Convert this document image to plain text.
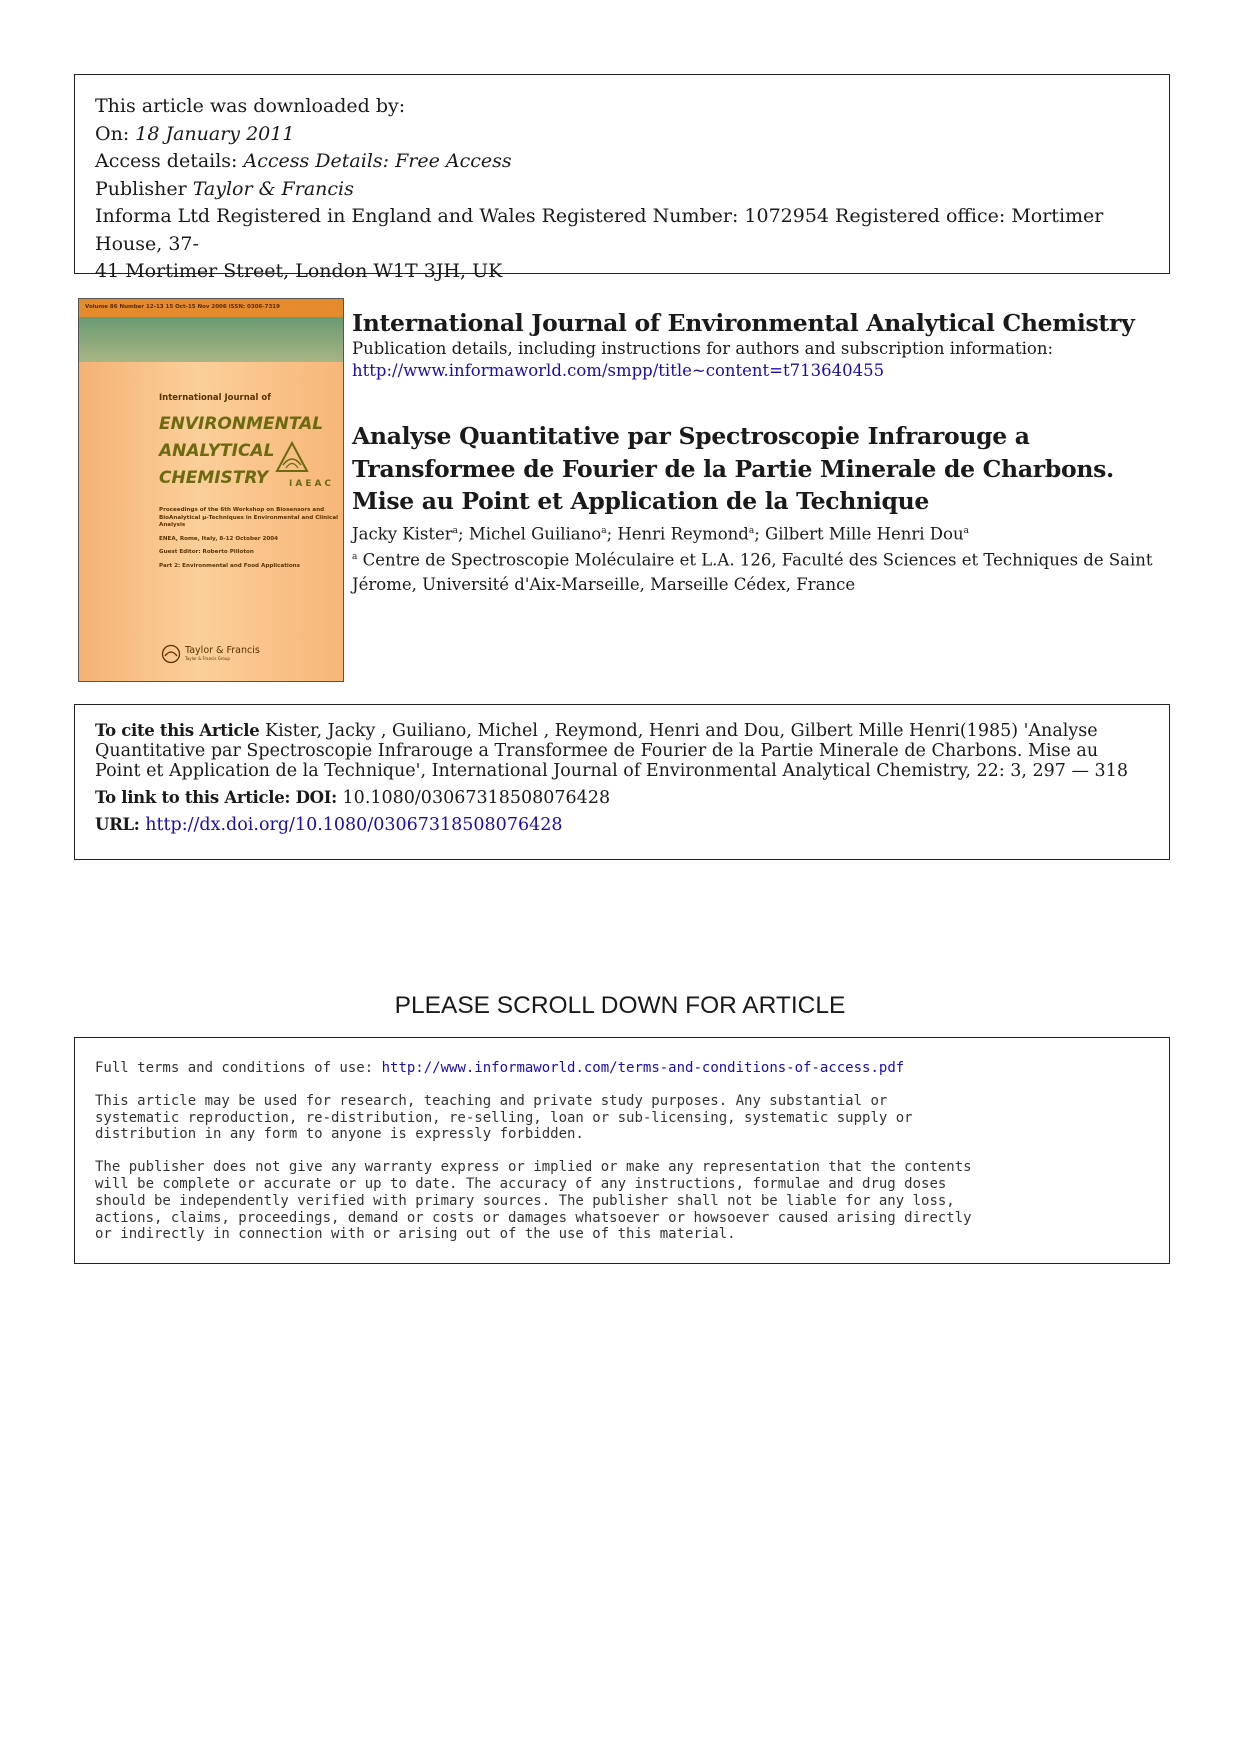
This article was downloaded by:
On: 18 January 2011
Access details: Access Details: Free Access
Publisher Taylor & Francis
Informa Ltd Registered in England and Wales Registered Number: 1072954 Registered office: Mortimer House, 37-
41 Mortimer Street, London W1T 3JH, UK
Volume 86 Number 12-13 15 Oct-15 Nov 2006 ISSN: 0306-7319
International Journal of
ENVIRONMENTAL
ANALYTICAL
CHEMISTRY	IAEAC
Proceedings of the 6th Workshop on Biosensors and BioAnalytical μ-Techniques in Environmental and Clinical Analysis
ENEA, Rome, Italy, 8-12 October 2004
Guest Editor: Roberto Pilloton
Part 2: Environmental and Food Applications
Taylor & Francis
Taylor & Francis Group
International Journal of Environmental Analytical Chemistry
Publication details, including instructions for authors and subscription information:
http://www.informaworld.com/smpp/title~content=t713640455
Analyse Quantitative par Spectroscopie Infrarouge a Transformee de Fourier de la Partie Minerale de Charbons. Mise au Point et Application de la Technique
Jacky Kister$^a$; Michel Guiliano$^a$; Henri Reymond$^a$; Gilbert Mille Henri Dou$^a$
$^a$ Centre de Spectroscopie Moléculaire et L.A. 126, Faculté des Sciences et Techniques de Saint Jérome, Université d'Aix-Marseille, Marseille Cédex, France
To cite this Article Kister, Jacky , Guiliano, Michel , Reymond, Henri and Dou, Gilbert Mille Henri(1985) 'Analyse Quantitative par Spectroscopie Infrarouge a Transformee de Fourier de la Partie Minerale de Charbons. Mise au Point et Application de la Technique', International Journal of Environmental Analytical Chemistry, 22: 3, 297 — 318
To link to this Article: DOI: 10.1080/03067318508076428
URL: http://dx.doi.org/10.1080/03067318508076428
PLEASE SCROLL DOWN FOR ARTICLE

Full terms and conditions of use: http://www.informaworld.com/terms-and-conditions-of-access.pdf

This article may be used for research, teaching and private study purposes. Any substantial or
systematic reproduction, re-distribution, re-selling, loan or sub-licensing, systematic supply or
distribution in any form to anyone is expressly forbidden.

The publisher does not give any warranty express or implied or make any representation that the contents
will be complete or accurate or up to date. The accuracy of any instructions, formulae and drug doses
should be independently verified with primary sources. The publisher shall not be liable for any loss,
actions, claims, proceedings, demand or costs or damages whatsoever or howsoever caused arising directly
or indirectly in connection with or arising out of the use of this material.
